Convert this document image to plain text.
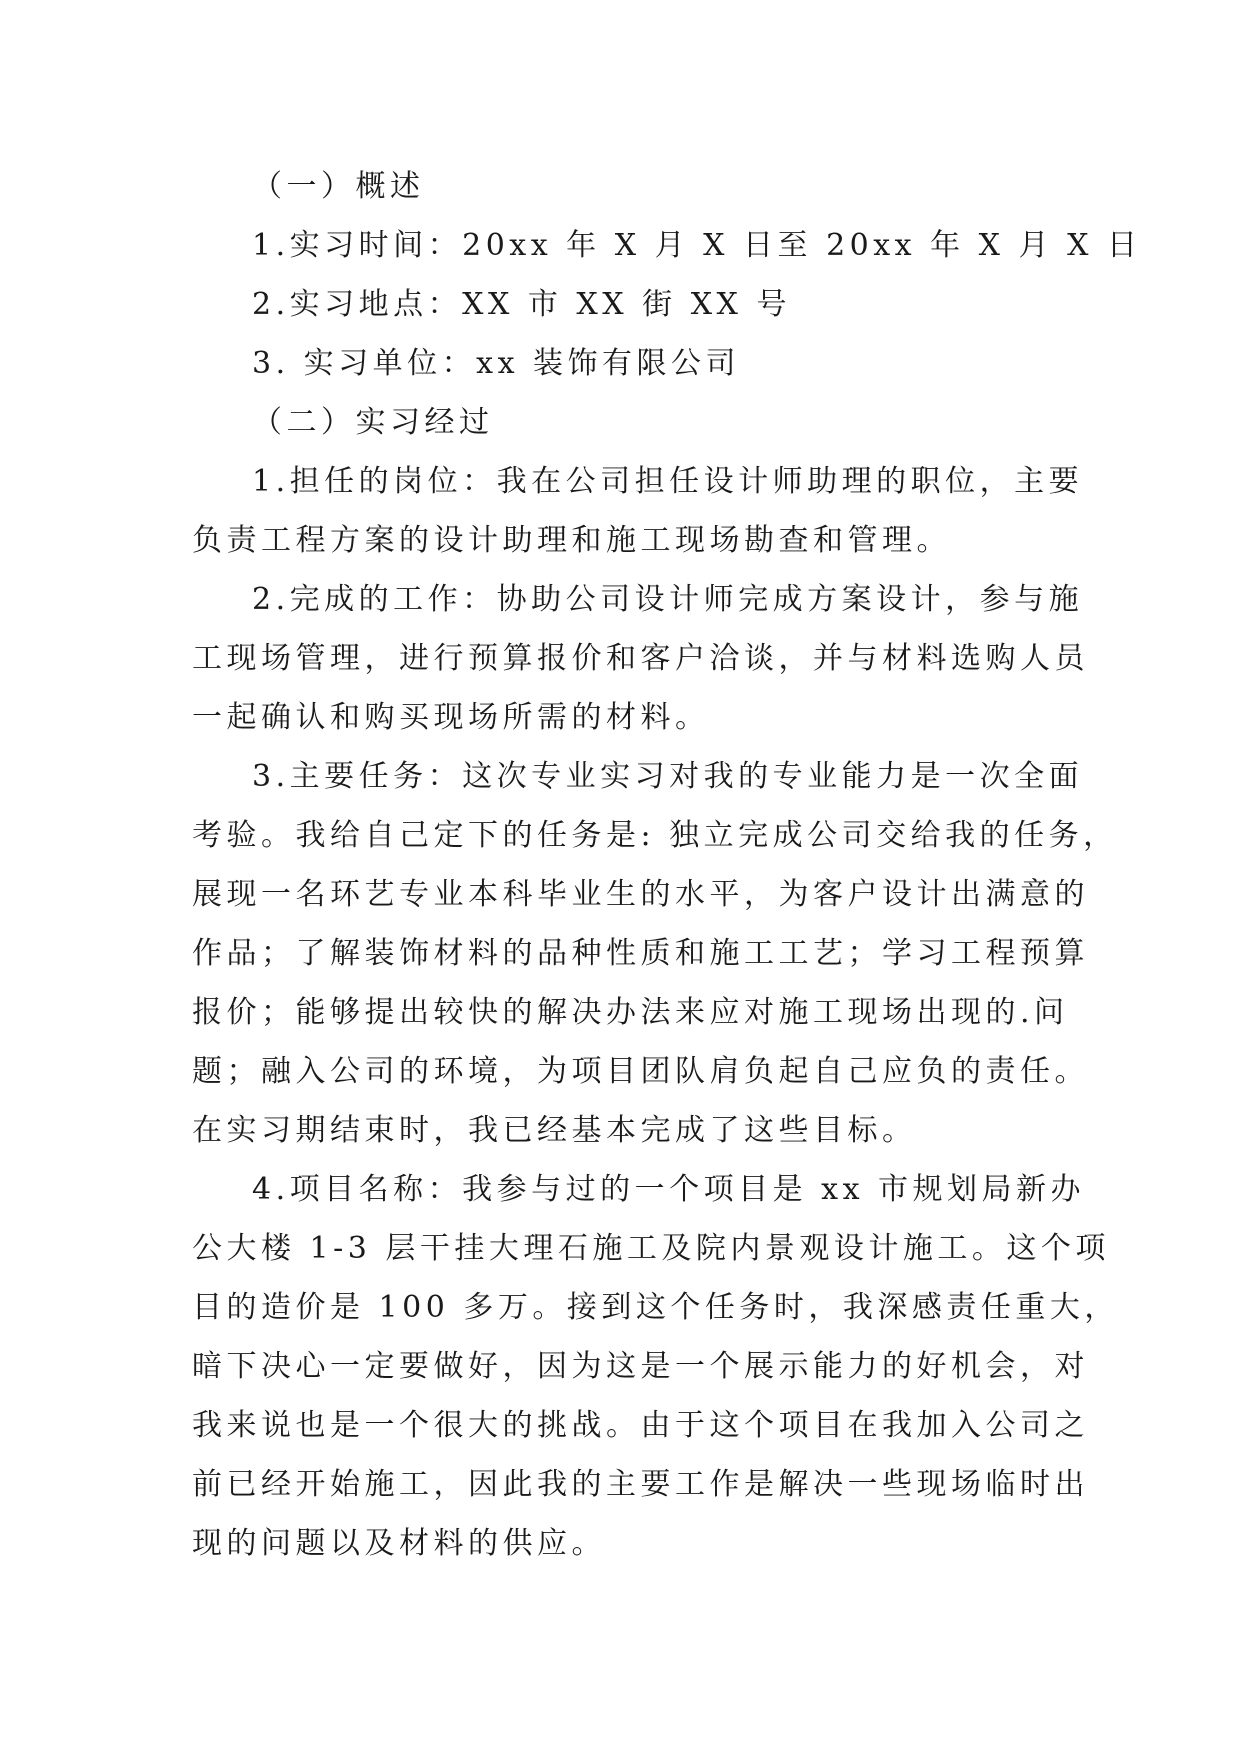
（一）概述

1.实习时间：20xx 年 X 月 X 日至 20xx 年 X 月 X 日

2.实习地点：XX 市 XX 街 XX 号

3. 实习单位：xx 装饰有限公司

（二）实习经过

1.担任的岗位：我在公司担任设计师助理的职位，主要
负责工程方案的设计助理和施工现场勘查和管理。
2.完成的工作：协助公司设计师完成方案设计，参与施
工现场管理，进行预算报价和客户洽谈，并与材料选购人员
一起确认和购买现场所需的材料。
3.主要任务：这次专业实习对我的专业能力是一次全面
考验。我给自己定下的任务是: 独立完成公司交给我的任务，
展现一名环艺专业本科毕业生的水平，为客户设计出满意的
作品；了解装饰材料的品种性质和施工工艺；学习工程预算
报价；能够提出较快的解决办法来应对施工现场出现的.问
题；融入公司的环境，为项目团队肩负起自己应负的责任。
在实习期结束时，我已经基本完成了这些目标。
4.项目名称：我参与过的一个项目是 xx 市规划局新办
公大楼 1-3 层干挂大理石施工及院内景观设计施工。这个项
目的造价是 100 多万。接到这个任务时，我深感责任重大，
暗下决心一定要做好，因为这是一个展示能力的好机会，对
我来说也是一个很大的挑战。由于这个项目在我加入公司之
前已经开始施工，因此我的主要工作是解决一些现场临时出
现的问题以及材料的供应。
